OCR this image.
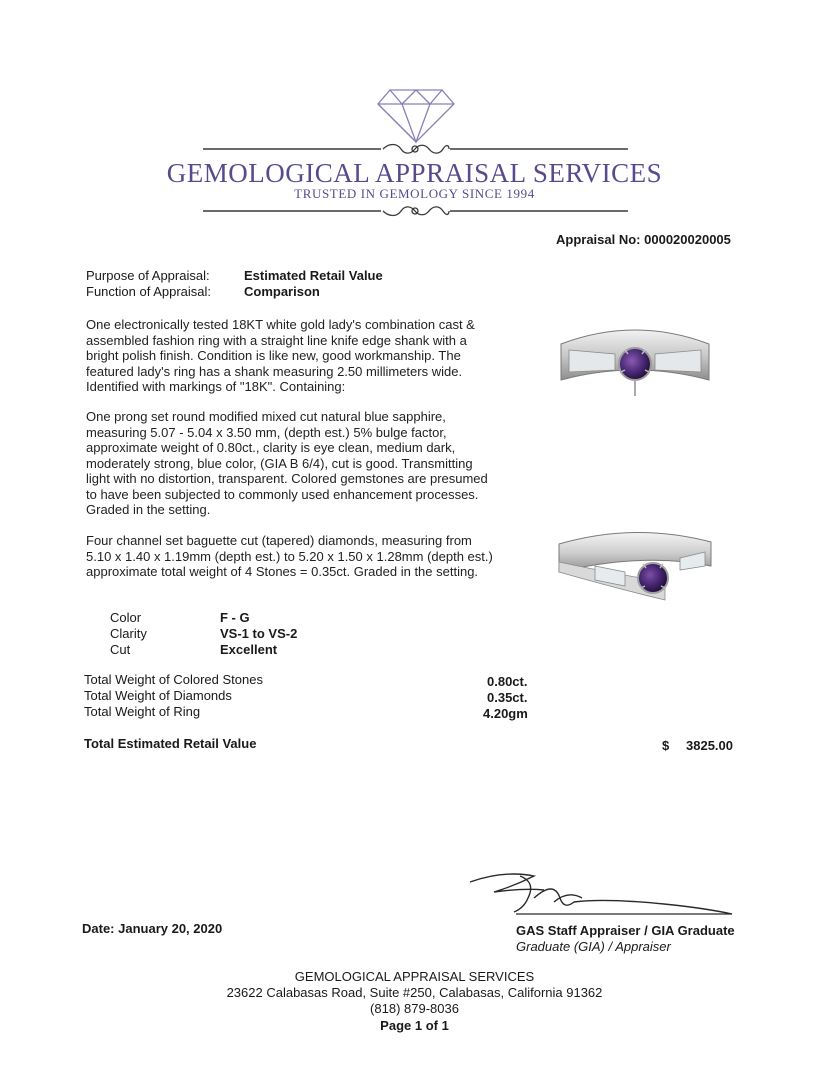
GEMOLOGICAL APPRAISAL SERVICES
TRUSTED IN GEMOLOGY SINCE 1994
Appraisal No: 000020020005
Purpose of Appraisal:	Estimated Retail Value
Function of Appraisal:	Comparison
One electronically tested 18KT white gold lady's combination cast & assembled fashion ring with a straight line knife edge shank with a bright polish finish. Condition is like new, good workmanship. The featured lady's ring has a shank measuring 2.50 millimeters wide. Identified with markings of "18K". Containing:
One prong set round modified mixed cut natural blue sapphire, measuring 5.07 - 5.04 x 3.50 mm, (depth est.) 5% bulge factor, approximate weight of 0.80ct., clarity is eye clean, medium dark, moderately strong, blue color, (GIA B 6/4), cut is good. Transmitting light with no distortion, transparent. Colored gemstones are presumed to have been subjected to commonly used enhancement processes. Graded in the setting.
Four channel set baguette cut (tapered) diamonds, measuring from 5.10 x 1.40 x 1.19mm (depth est.) to 5.20 x 1.50 x 1.28mm (depth est.) approximate total weight of 4 Stones = 0.35ct. Graded in the setting.
Color	F - G
Clarity	VS-1 to VS-2
Cut	Excellent
Total Weight of Colored Stones	0.80ct.
Total Weight of Diamonds	0.35ct.
Total Weight of Ring	4.20gm
Total Estimated Retail Value	$ 3825.00
GAS Staff Appraiser / GIA Graduate
Graduate (GIA) / Appraiser
Date: January 20, 2020
GEMOLOGICAL APPRAISAL SERVICES
23622 Calabasas Road, Suite #250, Calabasas, California 91362
(818) 879-8036
Page 1 of 1
